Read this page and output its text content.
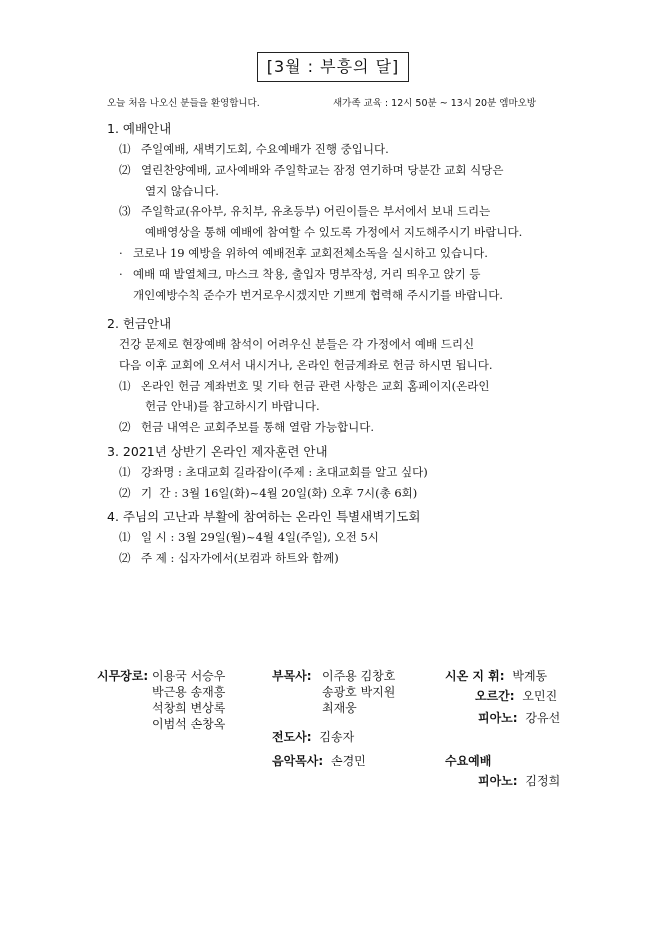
[3월 : 부흥의 달]
오늘 처음 나오신 분들을 환영합니다.	새가족 교육 : 12시 50분 ~ 13시 20분 엠마오방
1. 예배안내
⑴ 주일예배, 새벽기도회, 수요예배가 진행 중입니다.
⑵ 열린찬양예배, 교사예배와 주일학교는 잠정 연기하며 당분간 교회 식당은
열지 않습니다.
⑶ 주일학교(유아부, 유치부, 유초등부) 어린이들은 부서에서 보내 드리는
예배영상을 통해 예배에 참여할 수 있도록 가정에서 지도해주시기 바랍니다.
· 코로나 19 예방을 위하여 예배전후 교회전체소독을 실시하고 있습니다.
· 예배 때 발열체크, 마스크 착용, 출입자 명부작성, 거리 띄우고 앉기 등
개인예방수칙 준수가 번거로우시겠지만 기쁘게 협력해 주시기를 바랍니다.
2. 헌금안내
건강 문제로 현장예배 참석이 어려우신 분들은 각 가정에서 예배 드리신
다음 이후 교회에 오셔서 내시거나, 온라인 헌금계좌로 헌금 하시면 됩니다.
⑴ 온라인 헌금 계좌번호 및 기타 헌금 관련 사항은 교회 홈페이지(온라인
헌금 안내)를 참고하시기 바랍니다.
⑵ 헌금 내역은 교회주보를 통해 열람 가능합니다.
3. 2021년 상반기 온라인 제자훈련 안내
⑴ 강좌명 : 초대교회 길라잡이(주제 : 초대교회를 알고 싶다)
⑵ 기  간 : 3월 16일(화)~4월 20일(화) 오후 7시(총 6회)
4. 주님의 고난과 부활에 참여하는 온라인 특별새벽기도회
⑴ 일 시 : 3월 29일(월)~4월 4일(주일), 오전 5시
⑵ 주 제 : 십자가에서(보컴과 하트와 함께)
시무장로: 이용국 서승우
박근용 송재흥
석창희 변상록
이범석 손창옥
부목사: 이주용 김창호
송광호 박지원
최재웅
전도사: 김송자
음악목사: 손경민
시온 지 휘: 박계동
오르간: 오민진
피아노: 강유선
수요예배
피아노: 김정희
